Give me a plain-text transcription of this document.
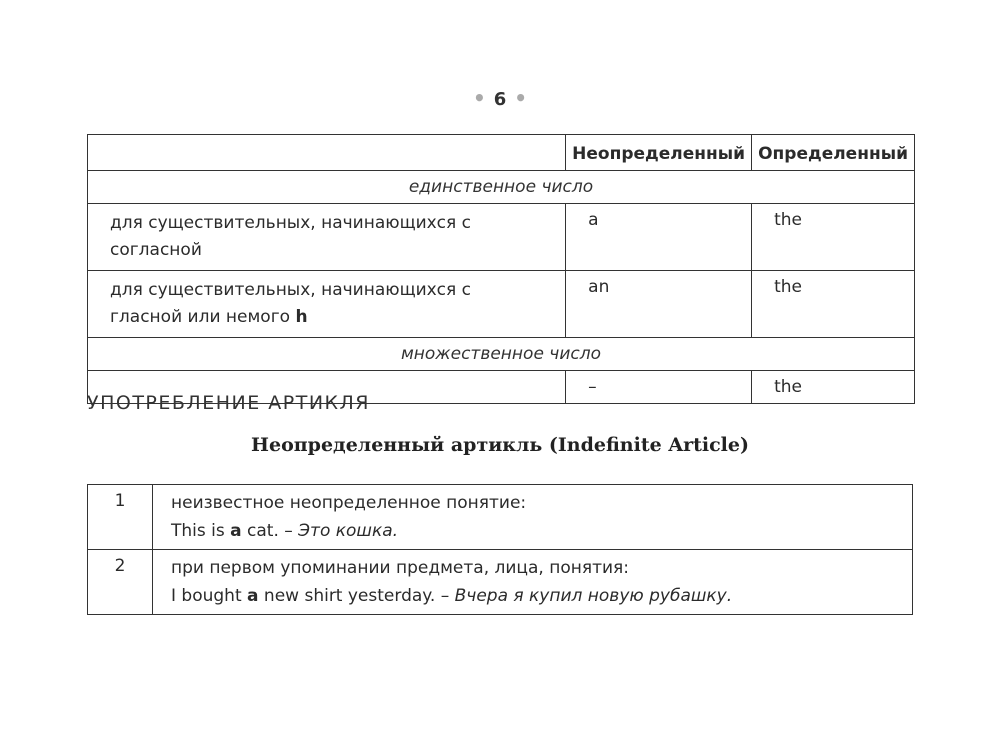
• 6 •
	Неопределенный	Определенный
единственное число		
для существительных, начинающихся с согласной	a	the
для существительных, начинающихся с гласной или немого h	an	the
множественное число		
	–	the
УПОТРЕБЛЕНИЕ АРТИКЛЯ
Неопределенный артикль (Indefinite Article)
1	неизвестное неопределенное понятие:
This is a cat. – Это кошка.

2	при первом упоминании предмета, лица, понятия:
I bought a new shirt yesterday. – Вчера я купил новую рубашку.
